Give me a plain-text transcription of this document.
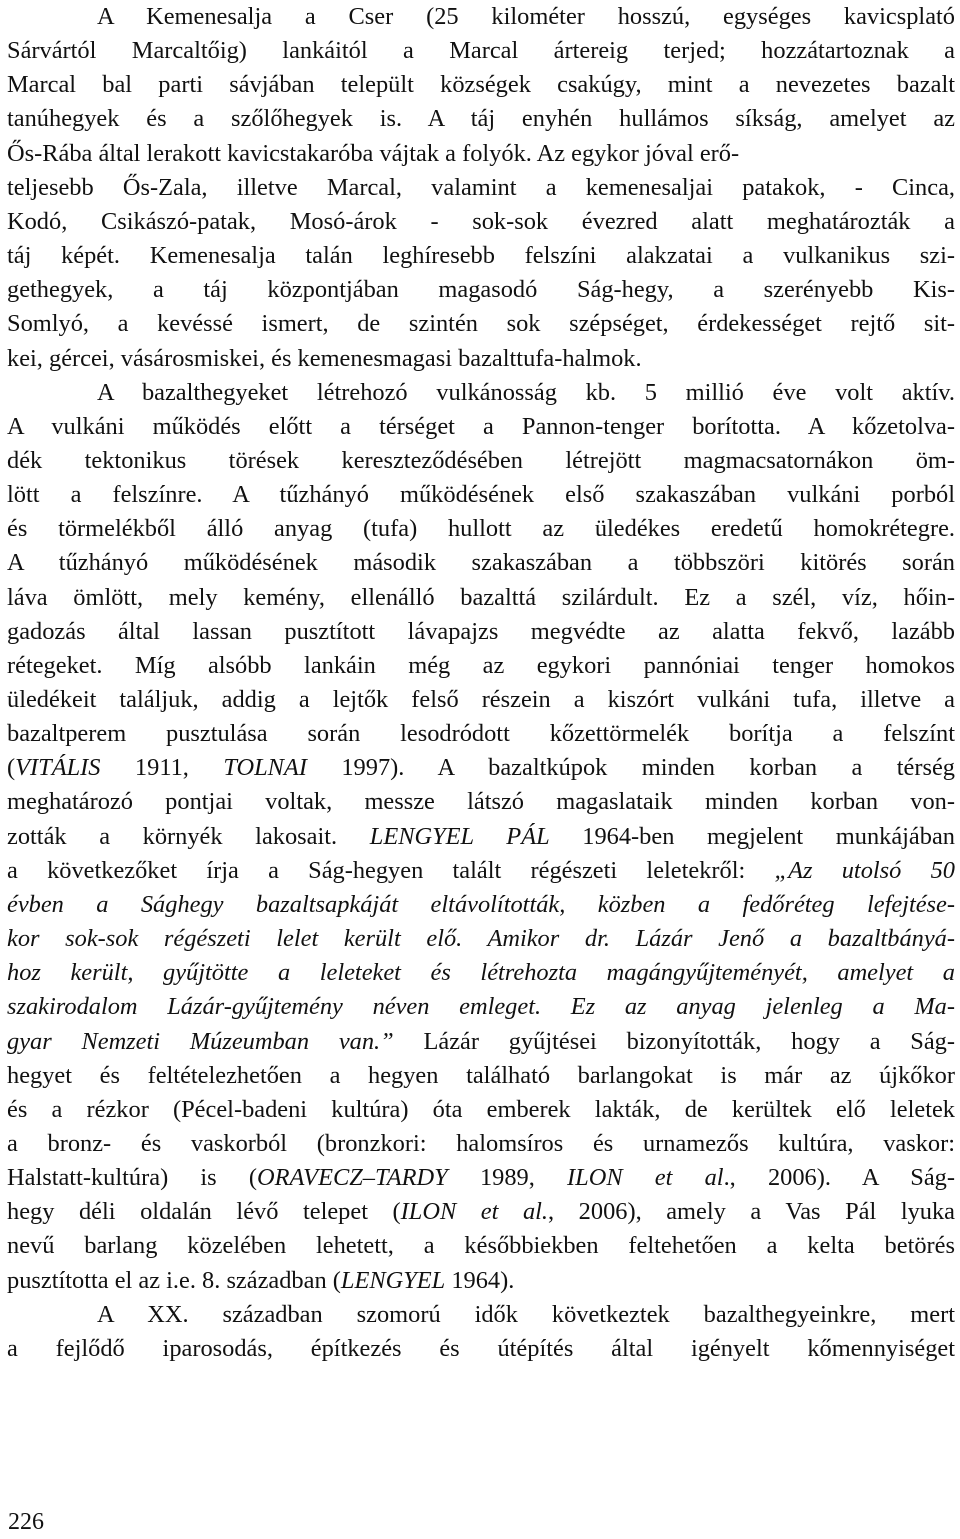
A Kemenesalja a Cser (25 kilométer hosszú, egységes kavicsplató
Sárvártól Marcaltőig) lankáitól a Marcal ártereig terjed; hozzátartoznak a
Marcal bal parti sávjában települt községek csakúgy, mint a nevezetes bazalt
tanúhegyek és a szőlőhegyek is. A táj enyhén hullámos síkság, amelyet az
Ős-Rába által lerakott kavicstakaróba vájtak a folyók. Az egykor jóval erő-
teljesebb Ős-Zala, illetve Marcal, valamint a kemenesaljai patakok, - Cinca,
Kodó, Csikászó-patak, Mosó-árok - sok-sok évezred alatt meghatározták a
táj képét. Kemenesalja talán leghíresebb felszíni alakzatai a vulkanikus szi-
gethegyek, a táj központjában magasodó Ság-hegy, a szerényebb Kis-
Somlyó, a kevéssé ismert, de szintén sok szépséget, érdekességet rejtő sit-
kei, gércei, vásárosmiskei, és kemenesmagasi bazalttufa-halmok.
A bazalthegyeket létrehozó vulkánosság kb. 5 millió éve volt aktív.
A vulkáni működés előtt a térséget a Pannon-tenger borította. A kőzetolva-
dék tektonikus törések kereszteződésében létrejött magmacsatornákon öm-
lött a felszínre. A tűzhányó működésének első szakaszában vulkáni porból
és törmelékből álló anyag (tufa) hullott az üledékes eredetű homokrétegre.
A tűzhányó működésének második szakaszában a többszöri kitörés során
láva ömlött, mely kemény, ellenálló bazalttá szilárdult. Ez a szél, víz, hőin-
gadozás által lassan pusztított lávapajzs megvédte az alatta fekvő, lazább
rétegeket. Míg alsóbb lankáin még az egykori pannóniai tenger homokos
üledékeit találjuk, addig a lejtők felső részein a kiszórt vulkáni tufa, illetve a
bazaltperem pusztulása során lesodródott kőzettörmelék borítja a felszínt
(VITÁLIS 1911, TOLNAI 1997). A bazaltkúpok minden korban a térség
meghatározó pontjai voltak, messze látszó magaslataik minden korban von-
zották a környék lakosait. LENGYEL PÁL 1964-ben megjelent munkájában
a következőket írja a Ság-hegyen talált régészeti leletekről: „Az utolsó 50
évben a Sághegy bazaltsapkáját eltávolították, közben a fedőréteg lefejtése-
kor sok-sok régészeti lelet került elő. Amikor dr. Lázár Jenő a bazaltbányá-
hoz került, gyűjtötte a leleteket és létrehozta magángyűjteményét, amelyet a
szakirodalom Lázár-gyűjtemény néven emleget. Ez az anyag jelenleg a Ma-
gyar Nemzeti Múzeumban van.” Lázár gyűjtései bizonyították, hogy a Ság-
hegyet és feltételezhetően a hegyen található barlangokat is már az újkőkor
és a rézkor (Pécel-badeni kultúra) óta emberek lakták, de kerültek elő leletek
a bronz- és vaskorból (bronzkori: halomsíros és urnamezős kultúra, vaskor:
Halstatt-kultúra) is (ORAVECZ–TARDY 1989, ILON et al., 2006). A Ság-
hegy déli oldalán lévő telepet (ILON et al., 2006), amely a Vas Pál lyuka
nevű barlang közelében lehetett, a későbbiekben feltehetően a kelta betörés
pusztította el az i.e. 8. században (LENGYEL 1964).
A XX. században szomorú idők következtek bazalthegyeinkre, mert
a fejlődő iparosodás, építkezés és útépítés által igényelt kőmennyiséget
226
